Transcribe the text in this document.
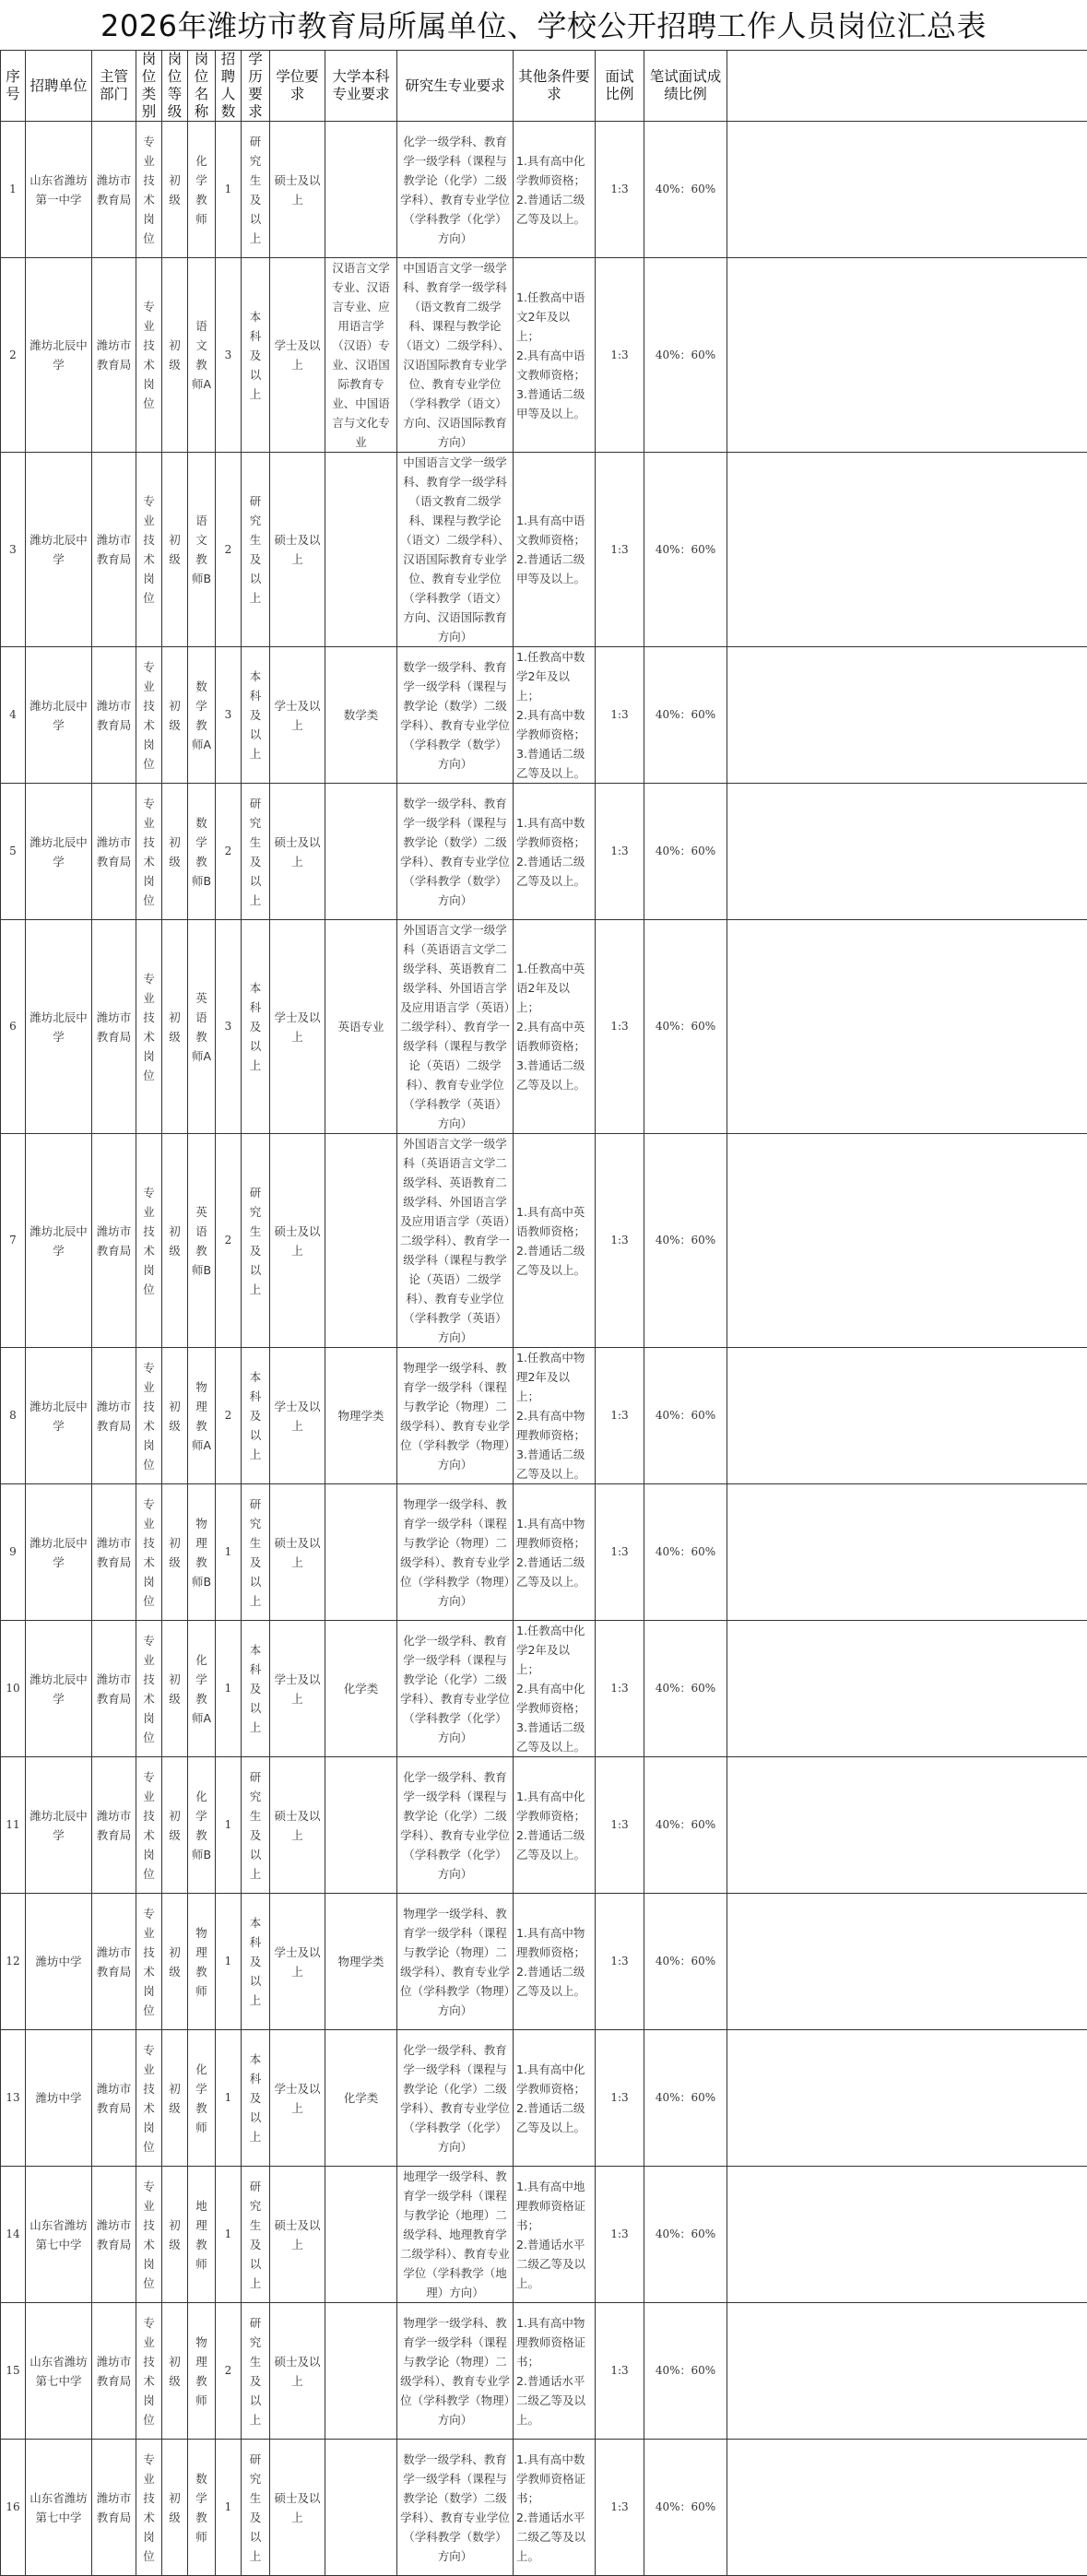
2026年潍坊市教育局所属单位、学校公开招聘工作人员岗位汇总表
序号	招聘单位	主管部门	岗位类别	岗位等级	岗位名称	招聘人数	学历要求	学位要求	大学本科专业要求	研究生专业要求	其他条件要求	面试比例	笔试面试成绩比例	
1	山东省潍坊第一中学	潍坊市教育局	专业技术岗位	初级	化学教师	1	研究生及以上	硕士及以上		化学一级学科、教育学一级学科（课程与教学论（化学）二级学科）、教育专业学位（学科教学（化学）方向）	1.具有高中化学教师资格；
2.普通话二级乙等及以上。	1:3	40%：60%	
2	潍坊北辰中学	潍坊市教育局	专业技术岗位	初级	语文教师A	3	本科及以上	学士及以上	汉语言文学专业、汉语言专业、应用语言学（汉语）专业、汉语国际教育专业、中国语言与文化专业	中国语言文学一级学科、教育学一级学科（语文教育二级学科、课程与教学论（语文）二级学科）、汉语国际教育专业学位、教育专业学位（学科教学（语文）方向、汉语国际教育方向）	1.任教高中语文2年及以上；
2.具有高中语文教师资格；
3.普通话二级甲等及以上。	1:3	40%：60%	
3	潍坊北辰中学	潍坊市教育局	专业技术岗位	初级	语文教师B	2	研究生及以上	硕士及以上		中国语言文学一级学科、教育学一级学科（语文教育二级学科、课程与教学论（语文）二级学科）、汉语国际教育专业学位、教育专业学位（学科教学（语文）方向、汉语国际教育方向）	1.具有高中语文教师资格；
2.普通话二级甲等及以上。	1:3	40%：60%	
4	潍坊北辰中学	潍坊市教育局	专业技术岗位	初级	数学教师A	3	本科及以上	学士及以上	数学类	数学一级学科、教育学一级学科（课程与教学论（数学）二级学科）、教育专业学位（学科教学（数学）方向）	1.任教高中数学2年及以上；
2.具有高中数学教师资格；
3.普通话二级乙等及以上。	1:3	40%：60%	
5	潍坊北辰中学	潍坊市教育局	专业技术岗位	初级	数学教师B	2	研究生及以上	硕士及以上		数学一级学科、教育学一级学科（课程与教学论（数学）二级学科）、教育专业学位（学科教学（数学）方向）	1.具有高中数学教师资格；
2.普通话二级乙等及以上。	1:3	40%：60%	
6	潍坊北辰中学	潍坊市教育局	专业技术岗位	初级	英语教师A	3	本科及以上	学士及以上	英语专业	外国语言文学一级学科（英语语言文学二级学科、英语教育二级学科、外国语言学及应用语言学（英语）二级学科）、教育学一级学科（课程与教学论（英语）二级学科）、教育专业学位（学科教学（英语）方向）	1.任教高中英语2年及以上；
2.具有高中英语教师资格；
3.普通话二级乙等及以上。	1:3	40%：60%	
7	潍坊北辰中学	潍坊市教育局	专业技术岗位	初级	英语教师B	2	研究生及以上	硕士及以上		外国语言文学一级学科（英语语言文学二级学科、英语教育二级学科、外国语言学及应用语言学（英语）二级学科）、教育学一级学科（课程与教学论（英语）二级学科）、教育专业学位（学科教学（英语）方向）	1.具有高中英语教师资格；
2.普通话二级乙等及以上。	1:3	40%：60%	
8	潍坊北辰中学	潍坊市教育局	专业技术岗位	初级	物理教师A	2	本科及以上	学士及以上	物理学类	物理学一级学科、教育学一级学科（课程与教学论（物理）二级学科）、教育专业学位（学科教学（物理）方向）	1.任教高中物理2年及以上；
2.具有高中物理教师资格；
3.普通话二级乙等及以上。	1:3	40%：60%	
9	潍坊北辰中学	潍坊市教育局	专业技术岗位	初级	物理教师B	1	研究生及以上	硕士及以上		物理学一级学科、教育学一级学科（课程与教学论（物理）二级学科）、教育专业学位（学科教学（物理）方向）	1.具有高中物理教师资格；
2.普通话二级乙等及以上。	1:3	40%：60%	
10	潍坊北辰中学	潍坊市教育局	专业技术岗位	初级	化学教师A	1	本科及以上	学士及以上	化学类	化学一级学科、教育学一级学科（课程与教学论（化学）二级学科）、教育专业学位（学科教学（化学）方向）	1.任教高中化学2年及以上；
2.具有高中化学教师资格；
3.普通话二级乙等及以上。	1:3	40%：60%	
11	潍坊北辰中学	潍坊市教育局	专业技术岗位	初级	化学教师B	1	研究生及以上	硕士及以上		化学一级学科、教育学一级学科（课程与教学论（化学）二级学科）、教育专业学位（学科教学（化学）方向）	1.具有高中化学教师资格；
2.普通话二级乙等及以上。	1:3	40%：60%	
12	潍坊中学	潍坊市教育局	专业技术岗位	初级	物理教师	1	本科及以上	学士及以上	物理学类	物理学一级学科、教育学一级学科（课程与教学论（物理）二级学科）、教育专业学位（学科教学（物理）方向）	1.具有高中物理教师资格；
2.普通话二级乙等及以上。	1:3	40%：60%	
13	潍坊中学	潍坊市教育局	专业技术岗位	初级	化学教师	1	本科及以上	学士及以上	化学类	化学一级学科、教育学一级学科（课程与教学论（化学）二级学科）、教育专业学位（学科教学（化学）方向）	1.具有高中化学教师资格；
2.普通话二级乙等及以上。	1:3	40%：60%	
14	山东省潍坊第七中学	潍坊市教育局	专业技术岗位	初级	地理教师	1	研究生及以上	硕士及以上		地理学一级学科、教育学一级学科（课程与教学论（地理）二级学科、地理教育学二级学科）、教育专业学位（学科教学（地理）方向）	1.具有高中地理教师资格证书；
2.普通话水平二级乙等及以上。	1:3	40%：60%	
15	山东省潍坊第七中学	潍坊市教育局	专业技术岗位	初级	物理教师	2	研究生及以上	硕士及以上		物理学一级学科、教育学一级学科（课程与教学论（物理）二级学科）、教育专业学位（学科教学（物理）方向）	1.具有高中物理教师资格证书；
2.普通话水平二级乙等及以上。	1:3	40%：60%	
16	山东省潍坊第七中学	潍坊市教育局	专业技术岗位	初级	数学教师	1	研究生及以上	硕士及以上		数学一级学科、教育学一级学科（课程与教学论（数学）二级学科）、教育专业学位（学科教学（数学）方向）	1.具有高中数学教师资格证书；
2.普通话水平二级乙等及以上。	1:3	40%：60%	
